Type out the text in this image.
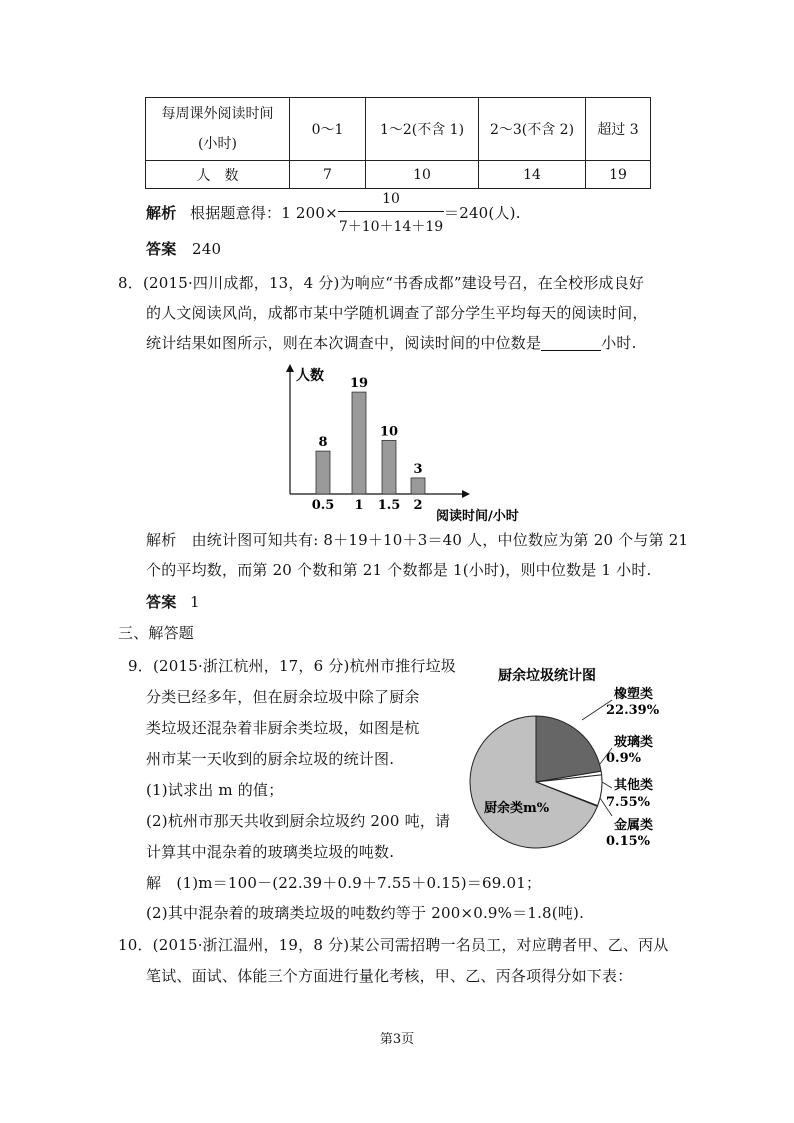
每周课外阅读时间
(小时)	0～1	1～2(不含 1)	2～3(不含 2)	超过 3
人　数	7	10	14	19
解析 根据题意得：1 200×
10
7＋10＋14＋19
＝240(人).
答案 240
8．(2015·四川成都，13，4 分)为响应“书香成都”建设号召，在全校形成良好
的人文阅读风尚，成都市某中学随机调查了部分学生平均每天的阅读时间，
统计结果如图所示，则在本次调查中，阅读时间的中位数是	小时.
人数
阅读时间/小时
8
0.5
19
1
10
1.5
3
2
解析　由统计图可知共有: 8＋19＋10＋3＝40 人，中位数应为第 20 个与第 21
个的平均数，而第 20 个数和第 21 个数都是 1(小时)，则中位数是 1 小时.
答案 1
三、解答题
9．(2015·浙江杭州，17，6 分)杭州市推行垃圾
分类已经多年，但在厨余垃圾中除了厨余
类垃圾还混杂着非厨余类垃圾，如图是杭
州市某一天收到的厨余垃圾的统计图.
(1)试求出 m 的值；
(2)杭州市那天共收到厨余垃圾约 200 吨，请
计算其中混杂着的玻璃类垃圾的吨数.
厨余垃圾统计图
橡塑类
22.39%
玻璃类
0.9%
其他类
7.55%
金属类
0.15%
厨余类m%
解　(1)m＝100－(22.39＋0.9＋7.55＋0.15)＝69.01；
(2)其中混杂着的玻璃类垃圾的吨数约等于 200×0.9%＝1.8(吨).
10．(2015·浙江温州，19，8 分)某公司需招聘一名员工，对应聘者甲、乙、丙从
笔试、面试、体能三个方面进行量化考核，甲、乙、丙各项得分如下表：
第3页
